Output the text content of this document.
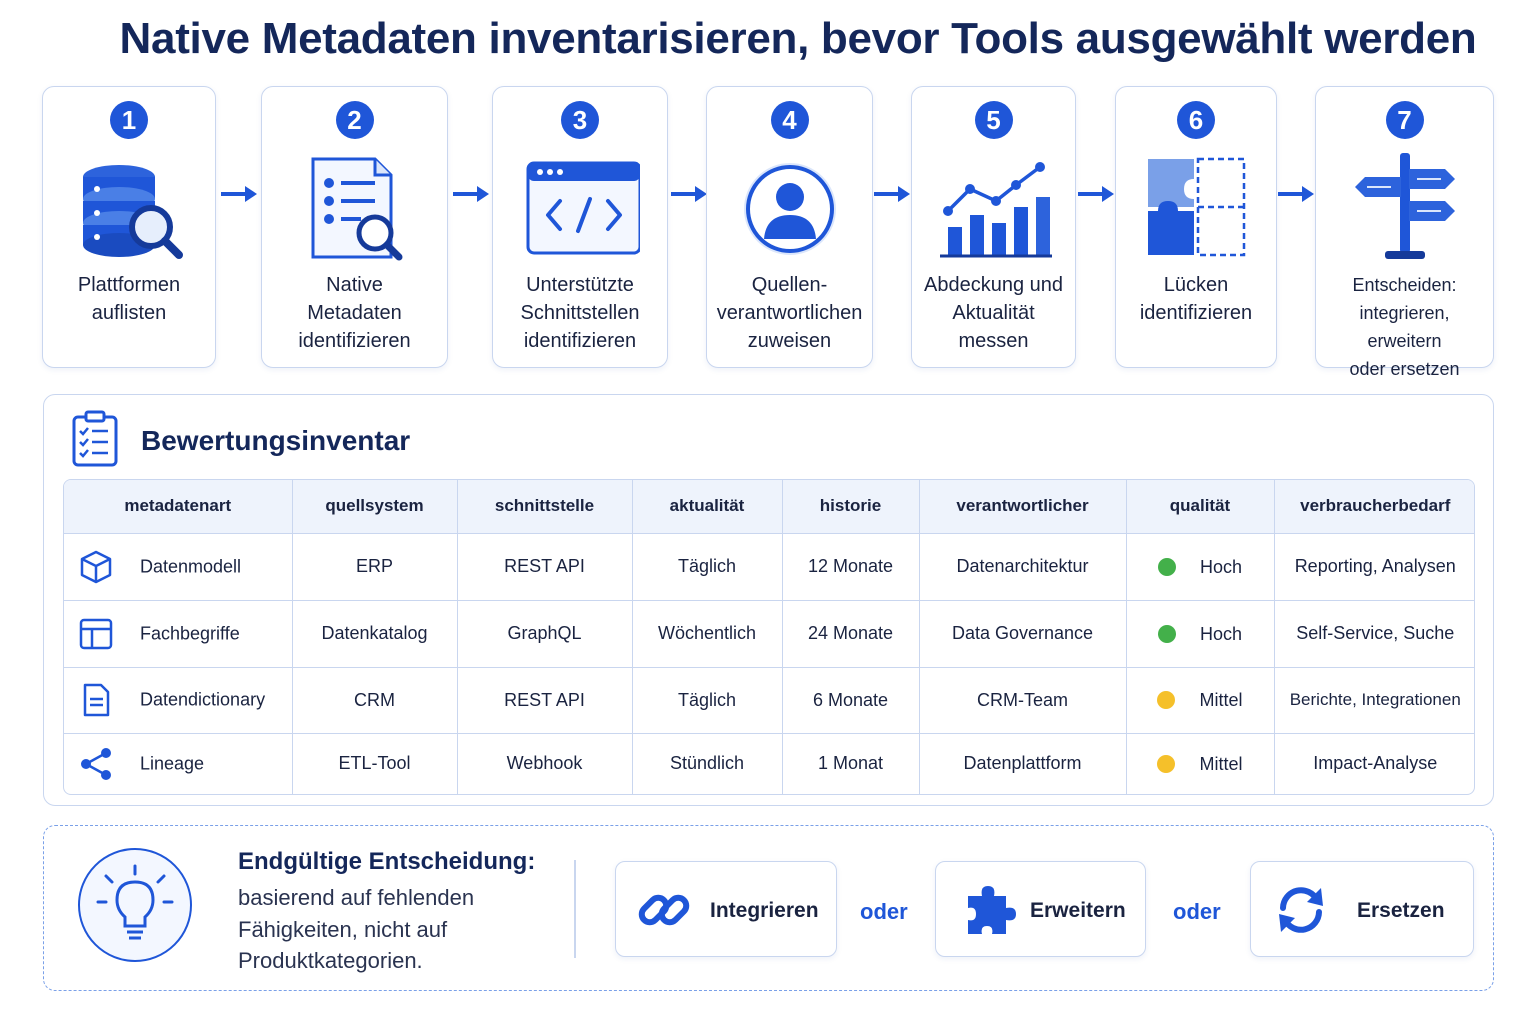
Native Metadaten inventarisieren, bevor Tools ausgewählt werden
1
Plattformen
auflisten
2
Native
Metadaten
identifizieren
3
Unterstützte
Schnittstellen
identifizieren
4
Quellen-
verantwortlichen
zuweisen
5
Abdeckung und
Aktualität
messen
6
Lücken
identifizieren
7
Entscheiden:
integrieren, erweitern
oder ersetzen
Bewertungsinventar
metadatenart	quellsystem	schnittstelle	aktualität	historie	verantwortlicher	qualität	verbraucherbedarf
Datenmodell	ERP	REST API	Täglich	12 Monate	Datenarchitektur	Hoch	Reporting, Analysen
Fachbegriffe	Datenkatalog	GraphQL	Wöchentlich	24 Monate	Data Governance	Hoch	Self-Service, Suche
Datendictionary	CRM	REST API	Täglich	6 Monate	CRM-Team	Mittel	Berichte, Integrationen
Lineage	ETL-Tool	Webhook	Stündlich	1 Monat	Datenplattform	Mittel	Impact-Analyse
Endgültige Entscheidung:
basierend auf fehlenden Fähigkeiten, nicht auf Produktkategorien.
Integrieren oder	Erweitern oder	Ersetzen
